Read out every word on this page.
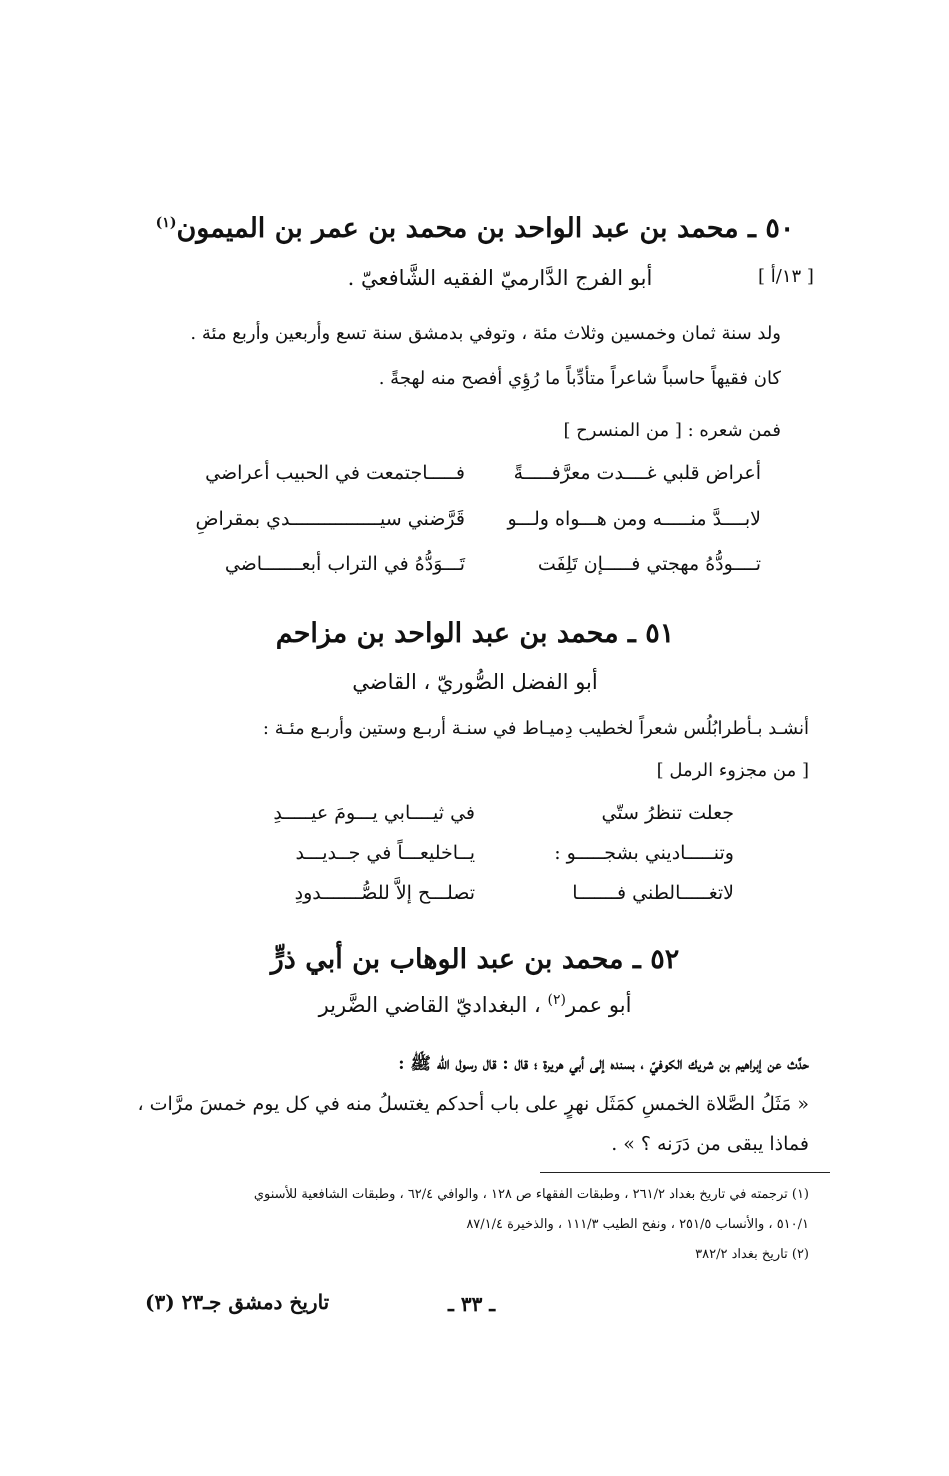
٥٠ ـ محمد بن عبد الواحد بن محمد بن عمر بن الميمون$^{(١)}$
أبو الفرج الدَّارميّ الفقيه الشَّافعيّ .	[ ١٣/أ ]
ولد سنة ثمان وخمسين وثلاث مئة ، وتوفي بدمشق سنة تسع وأربعين وأربع مئة .
كان فقيهاً حاسباً شاعراً متأدِّباً ما رُؤِي أفصح منه لهجةً .
فمن شعره : [ من المنسرح ]
أعراض قلبي غــــدت معرَّفـــــةً
فـــــاجتمعت في الحبيب أعراضي
لابــــدَّ منـــــه ومن هـــواه ولـــو
قَرَّضني سيــــــــــــــــدي بمقراضِ
تــــودُّهُ مهجتي فـــــإن تَلِفَت
تَـــوَدُّهُ في التراب أبعـــــــاضي
٥١ ـ محمد بن عبد الواحد بن مزاحم
أبو الفضل الصُّوريّ ، القاضي
أنشـد بـأطرابُلُس شعراً لخطيب دِميـاط في سنـة أربـع وستين وأربـع مئـة :
[ من مجزوء الرمل ]
جعلت تنظرُ ستّي
في ثيــــابي يـــومَ عيـــــدِ
وتنـــــاديني بشجـــــو :
يــاخليعـــاً في جــديـــد
لاتغـــــالطني فـــــــا
تصلـــح إلاَّ للصُّـــــــدودِ
٥٢ ـ محمد بن عبد الوهاب بن أبي ذرٍّ
أبو عمر$^{(٢)}$ ، البغداديّ القاضي الضَّرير
حدَّث عن إبراهيم بن شريك الكوفيّ ، بسنده إلى أبي هريرة ؛ قال : قال رسول الله ﷺ :
« مَثَلُ الصَّلاة الخمسِ كمَثَل نهرٍ على باب أحدكم يغتسلُ منه في كل يوم خمسَ مرَّات ،
فماذا يبقى من دَرَنه ؟ » .
(١) ترجمته في تاريخ بغداد ٢٦١/٢ ، وطبقات الفقهاء ص ١٢٨ ، والوافي ٦٢/٤ ، وطبقات الشافعية للأسنوي
٥١٠/١ ، والأنساب ٢٥١/٥ ، ونفح الطيب ١١١/٣ ، والذخيرة ٨٧/١/٤
(٢) تاريخ بغداد ٣٨٢/٢
ـ ٣٣ ـ
تاريخ دمشق جـ٢٣ (٣)
